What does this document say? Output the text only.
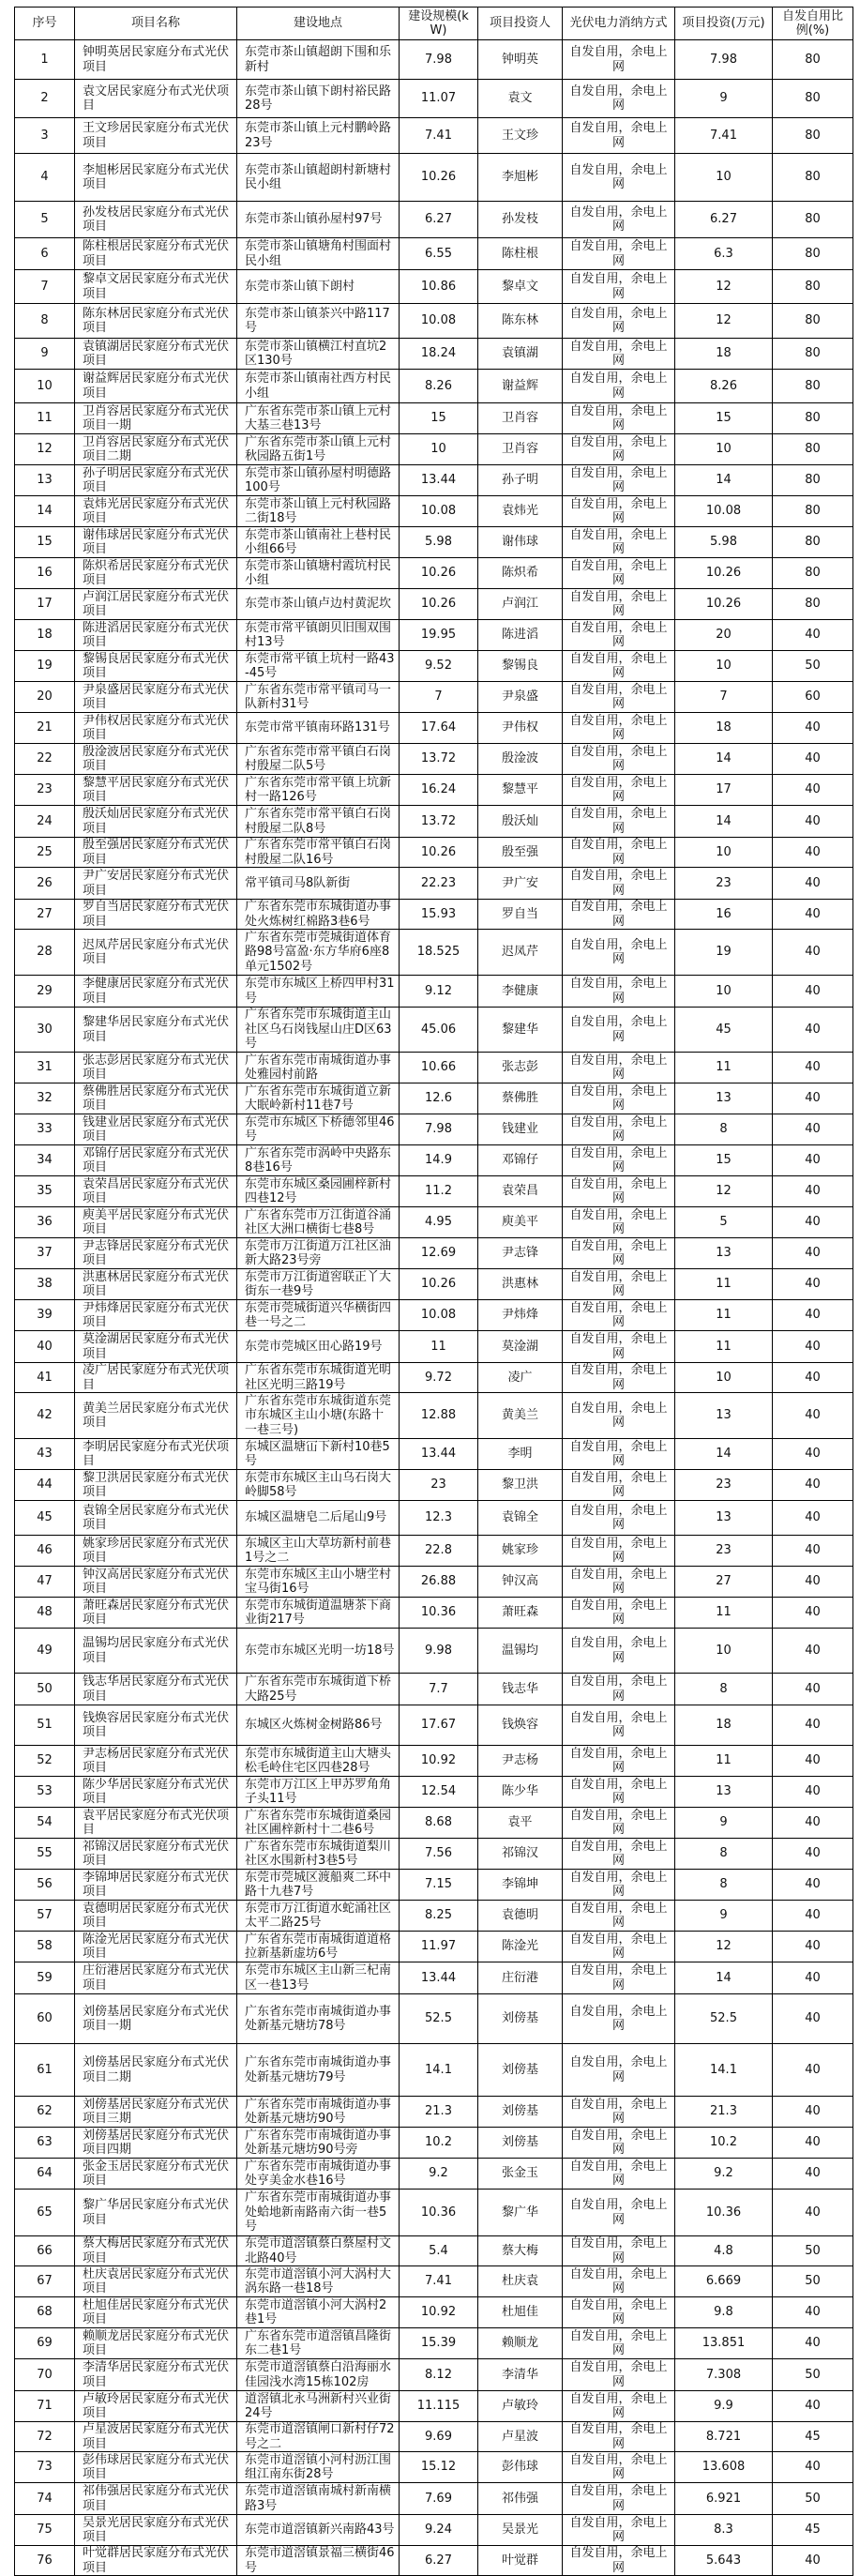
序号	项目名称	建设地点	建设规模(kW)	项目投资人	光伏电力消纳方式	项目投资(万元)	自发自用比例(%)
1	钟明英居民家庭分布式光伏项目	东莞市茶山镇超朗下围和乐新村	7.98	钟明英	自发自用，余电上网	7.98	80
2	袁文居民家庭分布式光伏项目	东莞市茶山镇下朗村裕民路28号	11.07	袁文	自发自用，余电上网	9	80
3	王文珍居民家庭分布式光伏项目	东莞市茶山镇上元村鹏岭路23号	7.41	王文珍	自发自用，余电上网	7.41	80
4	李旭彬居民家庭分布式光伏项目	东莞市茶山镇超朗村新塘村民小组	10.26	李旭彬	自发自用，余电上网	10	80
5	孙发枝居民家庭分布式光伏项目	东莞市茶山镇孙屋村97号	6.27	孙发枝	自发自用，余电上网	6.27	80
6	陈柱根居民家庭分布式光伏项目	东莞市茶山镇塘角村围面村民小组	6.55	陈柱根	自发自用，余电上网	6.3	80
7	黎卓文居民家庭分布式光伏项目	东莞市茶山镇下朗村	10.86	黎卓文	自发自用，余电上网	12	80
8	陈东林居民家庭分布式光伏项目	东莞市茶山镇茶兴中路117号	10.08	陈东林	自发自用，余电上网	12	80
9	袁镇湖居民家庭分布式光伏项目	东莞市茶山镇横江村直坑2区130号	18.24	袁镇湖	自发自用，余电上网	18	80
10	谢益辉居民家庭分布式光伏项目	东莞市茶山镇南社西方村民小组	8.26	谢益辉	自发自用，余电上网	8.26	80
11	卫肖容居民家庭分布式光伏项目一期	广东省东莞市茶山镇上元村大基三巷13号	15	卫肖容	自发自用，余电上网	15	80
12	卫肖容居民家庭分布式光伏项目二期	广东省东莞市茶山镇上元村秋园路五街1号	10	卫肖容	自发自用，余电上网	10	80
13	孙子明居民家庭分布式光伏项目	东莞市茶山镇孙屋村明德路100号	13.44	孙子明	自发自用，余电上网	14	80
14	袁炜光居民家庭分布式光伏项目	东莞市茶山镇上元村秋园路二街18号	10.08	袁炜光	自发自用，余电上网	10.08	80
15	谢伟球居民家庭分布式光伏项目	东莞市茶山镇南社上巷村民小组66号	5.98	谢伟球	自发自用，余电上网	5.98	80
16	陈炽希居民家庭分布式光伏项目	东莞市茶山镇塘村霞坑村民小组	10.26	陈炽希	自发自用，余电上网	10.26	80
17	卢润江居民家庭分布式光伏项目	东莞市茶山镇卢边村黄泥坎	10.26	卢润江	自发自用，余电上网	10.26	80
18	陈进滔居民家庭分布式光伏项目	东莞市常平镇朗贝旧围双围村13号	19.95	陈进滔	自发自用，余电上网	20	40
19	黎锡良居民家庭分布式光伏项目	东莞市常平镇上坑村一路43-45号	9.52	黎锡良	自发自用，余电上网	10	50
20	尹泉盛居民家庭分布式光伏项目	广东省东莞市常平镇司马一队新村31号	7	尹泉盛	自发自用，余电上网	7	60
21	尹伟权居民家庭分布式光伏项目	东莞市常平镇南环路131号	17.64	尹伟权	自发自用，余电上网	18	40
22	殷淦波居民家庭分布式光伏项目	广东省东莞市常平镇白石岗村殷屋二队5号	13.72	殷淦波	自发自用，余电上网	14	40
23	黎慧平居民家庭分布式光伏项目	广东省东莞市常平镇上坑新村一路126号	16.24	黎慧平	自发自用，余电上网	17	40
24	殷沃灿居民家庭分布式光伏项目	广东省东莞市常平镇白石岗村殷屋二队8号	13.72	殷沃灿	自发自用，余电上网	14	40
25	殷至强居民家庭分布式光伏项目	广东省东莞市常平镇白石岗村殷屋二队16号	10.26	殷至强	自发自用，余电上网	10	40
26	尹广安居民家庭分布式光伏项目	常平镇司马8队新街	22.23	尹广安	自发自用，余电上网	23	40
27	罗自当居民家庭分布式光伏项目	广东省东莞市东城街道办事处火炼树红棉路3巷6号	15.93	罗自当	自发自用，余电上网	16	40
28	迟凤芹居民家庭分布式光伏项目	广东省东莞市莞城街道体育路98号富盈·东方华府6座8单元1502号	18.525	迟凤芹	自发自用，余电上网	19	40
29	李健康居民家庭分布式光伏项目	东莞市东城区上桥四甲村31号	9.12	李健康	自发自用，余电上网	10	40
30	黎建华居民家庭分布式光伏项目	广东省东莞市东城街道主山社区乌石岗钱屋山庄D区63号	45.06	黎建华	自发自用，余电上网	45	40
31	张志彭居民家庭分布式光伏项目	广东省东莞市南城街道办事处雅园村前路	10.66	张志彭	自发自用，余电上网	11	40
32	蔡佛胜居民家庭分布式光伏项目	广东省东莞市东城街道立新大眠岭新村11巷7号	12.6	蔡佛胜	自发自用，余电上网	13	40
33	钱建业居民家庭分布式光伏项目	东莞市东城区下桥德邻里46号	7.98	钱建业	自发自用，余电上网	8	40
34	邓锦仔居民家庭分布式光伏项目	广东省东莞市涡岭中央路东8巷16号	14.9	邓锦仔	自发自用，余电上网	15	40
35	袁荣昌居民家庭分布式光伏项目	东莞市东城区桑园圃梓新村四巷12号	11.2	袁荣昌	自发自用，余电上网	12	40
36	庾美平居民家庭分布式光伏项目	广东省东莞市万江街道谷涌社区大洲口横街七巷8号	4.95	庾美平	自发自用，余电上网	5	40
37	尹志锋居民家庭分布式光伏项目	东莞市万江街道万江社区油新大路23号旁	12.69	尹志锋	自发自用，余电上网	13	40
38	洪惠林居民家庭分布式光伏项目	东莞市万江街道窖联正丫大街东一巷9号	10.26	洪惠林	自发自用，余电上网	11	40
39	尹炜烽居民家庭分布式光伏项目	东莞市莞城街道兴华横街四巷一号之二	10.08	尹炜烽	自发自用，余电上网	11	40
40	莫淦湖居民家庭分布式光伏项目	东莞市莞城区田心路19号	11	莫淦湖	自发自用，余电上网	11	40
41	凌广居民家庭分布式光伏项目	广东省东莞市东城街道光明社区光明三路19号	9.72	凌广	自发自用，余电上网	10	40
42	黄美兰居民家庭分布式光伏项目	广东省东莞市东城街道东莞市东城区主山小塘(东路十一巷三号)	12.88	黄美兰	自发自用，余电上网	13	40
43	李明居民家庭分布式光伏项目	东城区温塘冚下新村10巷5号	13.44	李明	自发自用，余电上网	14	40
44	黎卫洪居民家庭分布式光伏项目	东莞市东城区主山乌石岗大岭脚58号	23	黎卫洪	自发自用，余电上网	23	40
45	袁锦全居民家庭分布式光伏项目	东城区温塘皂二后尾山9号	12.3	袁锦全	自发自用，余电上网	13	40
46	姚家珍居民家庭分布式光伏项目	东城区主山大草坊新村前巷1号之二	22.8	姚家珍	自发自用，余电上网	23	40
47	钟汉高居民家庭分布式光伏项目	东莞市东城区主山小塘坣村宝马街16号	26.88	钟汉高	自发自用，余电上网	27	40
48	萧旺森居民家庭分布式光伏项目	东莞市东城街道温塘茶下商业街217号	10.36	萧旺森	自发自用，余电上网	11	40
49	温锡均居民家庭分布式光伏项目	东莞市东城区光明一坊18号	9.98	温锡均	自发自用，余电上网	10	40
50	钱志华居民家庭分布式光伏项目	广东省东莞市东城街道下桥大路25号	7.7	钱志华	自发自用，余电上网	8	40
51	钱焕容居民家庭分布式光伏项目	东城区火炼树金树路86号	17.67	钱焕容	自发自用，余电上网	18	40
52	尹志杨居民家庭分布式光伏项目	东莞市东城街道主山大塘头松毛岭住宅区四巷28号	10.92	尹志杨	自发自用，余电上网	11	40
53	陈少华居民家庭分布式光伏项目	东莞市万江区上甲苏罗角角子头11号	12.54	陈少华	自发自用，余电上网	13	40
54	袁平居民家庭分布式光伏项目	广东省东莞市东城街道桑园社区圃梓新村十二巷6号	8.68	袁平	自发自用，余电上网	9	40
55	祁锦汉居民家庭分布式光伏项目	广东省东莞市东城街道梨川社区水围新村3巷5号	7.56	祁锦汉	自发自用，余电上网	8	40
56	李锦坤居民家庭分布式光伏项目	东莞市莞城区渡船爽二环中路十九巷7号	7.15	李锦坤	自发自用，余电上网	8	40
57	袁德明居民家庭分布式光伏项目	东莞市万江街道水蛇涌社区太平二路25号	8.25	袁德明	自发自用，余电上网	9	40
58	陈淦光居民家庭分布式光伏项目	广东省东莞市南城街道道格拉新基新虚坊6号	11.97	陈淦光	自发自用，余电上网	12	40
59	庄衍港居民家庭分布式光伏项目	东莞市东城区主山新三杞南区一巷13号	13.44	庄衍港	自发自用，余电上网	14	40
60	刘傍基居民家庭分布式光伏项目一期	广东省东莞市南城街道办事处新基元塘坊78号	52.5	刘傍基	自发自用，余电上网	52.5	40
61	刘傍基居民家庭分布式光伏项目二期	广东省东莞市南城街道办事处新基元塘坊79号	14.1	刘傍基	自发自用，余电上网	14.1	40
62	刘傍基居民家庭分布式光伏项目三期	广东省东莞市南城街道办事处新基元塘坊90号	21.3	刘傍基	自发自用，余电上网	21.3	40
63	刘傍基居民家庭分布式光伏项目四期	广东省东莞市南城街道办事处新基元塘坊90号旁	10.2	刘傍基	自发自用，余电上网	10.2	40
64	张金玉居民家庭分布式光伏项目	广东省东莞市南城街道办事处亨美金水巷16号	9.2	张金玉	自发自用，余电上网	9.2	40
65	黎广华居民家庭分布式光伏项目	广东省东莞市南城街道办事处蛤地新南路南六街一巷5号	10.36	黎广华	自发自用，余电上网	10.36	40
66	蔡大梅居民家庭分布式光伏项目	东莞市道滘镇蔡白蔡屋村文北路40号	5.4	蔡大梅	自发自用，余电上网	4.8	50
67	杜庆袁居民家庭分布式光伏项目	东莞市道滘镇小河大涡村大涡东路一巷18号	7.41	杜庆袁	自发自用，余电上网	6.669	50
68	杜旭佳居民家庭分布式光伏项目	东莞市道滘镇小河大涡村2巷1号	10.92	杜旭佳	自发自用，余电上网	9.8	40
69	赖顺龙居民家庭分布式光伏项目	广东省东莞市道滘镇昌隆街东二巷1号	15.39	赖顺龙	自发自用，余电上网	13.851	40
70	李清华居民家庭分布式光伏项目	东莞市道滘镇蔡白沿海丽水佳园浅水湾15栋102房	8.12	李清华	自发自用，余电上网	7.308	50
71	卢敏玲居民家庭分布式光伏项目	道滘镇北永马洲新村兴业街24号	11.115	卢敏玲	自发自用，余电上网	9.9	40
72	卢星波居民家庭分布式光伏项目	东莞市道滘镇闸口新村仔72号之二	9.69	卢星波	自发自用，余电上网	8.721	45
73	彭伟球居民家庭分布式光伏项目	东莞市道滘镇小河村沥江围组江南东街28号	15.12	彭伟球	自发自用，余电上网	13.608	40
74	祁伟强居民家庭分布式光伏项目	东莞市道滘镇南城村新南横路3号	7.69	祁伟强	自发自用，余电上网	6.921	50
75	吴景光居民家庭分布式光伏项目	东莞市道滘镇新兴南路43号	9.24	吴景光	自发自用，余电上网	8.3	45
76	叶觉群居民家庭分布式光伏项目	东莞市道滘镇景福三横街46号	6.27	叶觉群	自发自用，余电上网	5.643	40
